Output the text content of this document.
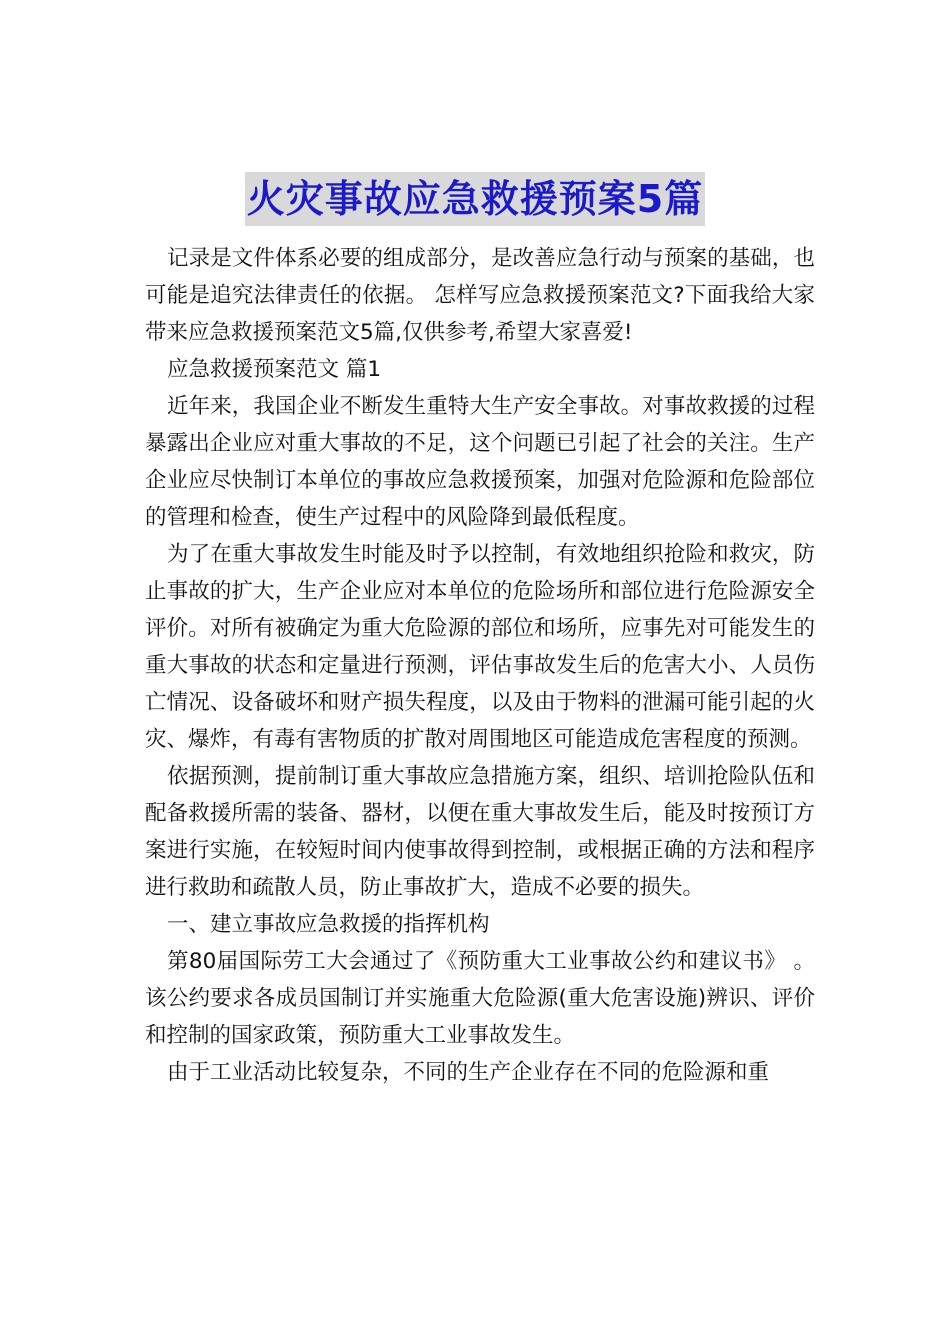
火灾事故应急救援预案5篇

记录是文件体系必要的组成部分，是改善应急行动与预案的基础，也可能是追究法律责任的依据。 怎样写应急救援预案范文?下面我给大家带来应急救援预案范文5篇,仅供参考,希望大家喜爱!

应急救援预案范文 篇1

近年来，我国企业不断发生重特大生产安全事故。对事故救援的过程暴露出企业应对重大事故的不足，这个问题已引起了社会的关注。生产企业应尽快制订本单位的事故应急救援预案，加强对危险源和危险部位的管理和检查，使生产过程中的风险降到最低程度。

为了在重大事故发生时能及时予以控制，有效地组织抢险和救灾，防止事故的扩大，生产企业应对本单位的危险场所和部位进行危险源安全评价。对所有被确定为重大危险源的部位和场所，应事先对可能发生的重大事故的状态和定量进行预测，评估事故发生后的危害大小、人员伤亡情况、设备破坏和财产损失程度，以及由于物料的泄漏可能引起的火灾、爆炸，有毒有害物质的扩散对周围地区可能造成危害程度的预测。

依据预测，提前制订重大事故应急措施方案，组织、培训抢险队伍和配备救援所需的装备、器材，以便在重大事故发生后，能及时按预订方案进行实施，在较短时间内使事故得到控制，或根据正确的方法和程序进行救助和疏散人员，防止事故扩大，造成不必要的损失。

一、建立事故应急救援的指挥机构

第80届国际劳工大会通过了《预防重大工业事故公约和建议书》 。该公约要求各成员国制订并实施重大危险源(重大危害设施)辨识、评价和控制的国家政策，预防重大工业事故发生。

由于工业活动比较复杂，不同的生产企业存在不同的危险源和重
